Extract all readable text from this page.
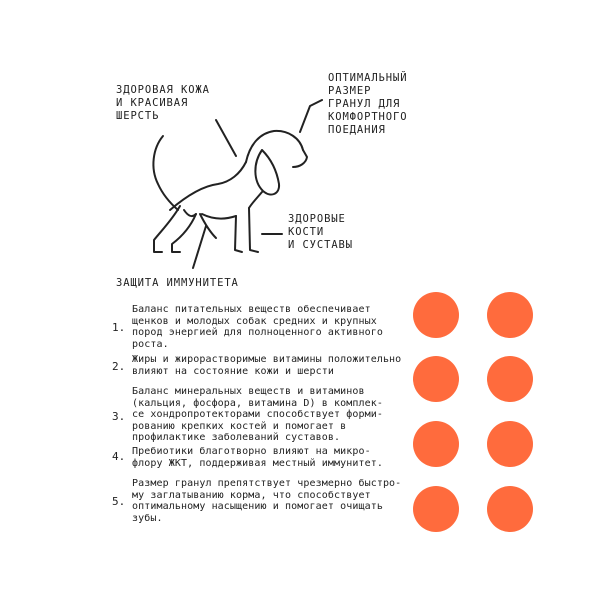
ЗДОРОВАЯ КОЖА
И КРАСИВАЯ
ШЕРСТЬ
ОПТИМАЛЬНЫЙ
РАЗМЕР
ГРАНУЛ ДЛЯ
КОМФОРТНОГО
ПОЕДАНИЯ
ЗДОРОВЫЕ
КОСТИ
И СУСТАВЫ
ЗАЩИТА ИММУНИТЕТА
1.
Баланс питательных веществ обеспечивает
щенков и молодых собак средних и крупных
пород энергией для полноценного активного
роста.
2.
Жиры и жирорастворимые витамины положительно
влияют на состояние кожи и шерсти
3.
Баланс минеральных веществ и витаминов
(кальция, фосфора, витамина D) в комплек-
се хондропротекторами способствует форми-
рованию крепких костей и помогает в
профилактике заболеваний суставов.
4. Пребиотики благотворно влияют на микро-
флору ЖКТ, поддерживая местный иммунитет.
5.
Размер гранул препятствует чрезмерно быстро-
му заглатыванию корма, что способствует
оптимальному насыщению и помогает очищать
зубы.
